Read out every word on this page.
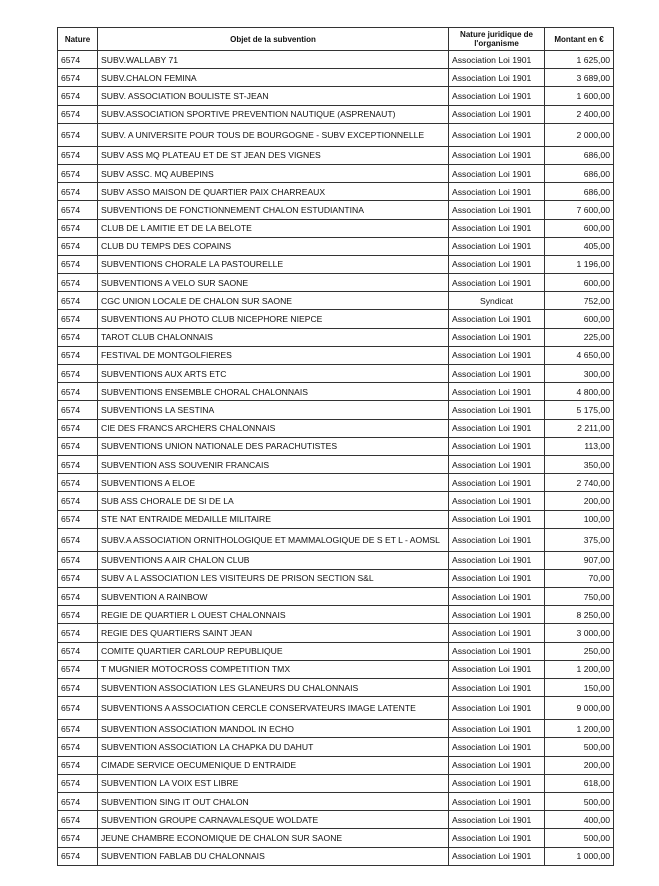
Nature	Objet de la subvention	Nature juridique de l'organisme	Montant en €
6574	SUBV.WALLABY 71	Association Loi 1901	1 625,00
6574	SUBV.CHALON FEMINA	Association Loi 1901	3 689,00
6574	SUBV. ASSOCIATION BOULISTE ST-JEAN	Association Loi 1901	1 600,00
6574	SUBV.ASSOCIATION SPORTIVE PREVENTION NAUTIQUE (ASPRENAUT)	Association Loi 1901	2 400,00
6574	SUBV. A UNIVERSITE POUR TOUS DE BOURGOGNE - SUBV EXCEPTIONNELLE	Association Loi 1901	2 000,00
6574	SUBV ASS MQ PLATEAU ET DE ST JEAN DES VIGNES	Association Loi 1901	686,00
6574	SUBV ASSC. MQ AUBEPINS	Association Loi 1901	686,00
6574	SUBV ASSO MAISON DE QUARTIER PAIX CHARREAUX	Association Loi 1901	686,00
6574	SUBVENTIONS DE FONCTIONNEMENT CHALON ESTUDIANTINA	Association Loi 1901	7 600,00
6574	CLUB DE L AMITIE ET DE LA BELOTE	Association Loi 1901	600,00
6574	CLUB DU TEMPS DES COPAINS	Association Loi 1901	405,00
6574	SUBVENTIONS CHORALE LA PASTOURELLE	Association Loi 1901	1 196,00
6574	SUBVENTIONS A VELO SUR SAONE	Association Loi 1901	600,00
6574	CGC UNION LOCALE DE CHALON SUR SAONE	Syndicat	752,00
6574	SUBVENTIONS AU PHOTO CLUB NICEPHORE NIEPCE	Association Loi 1901	600,00
6574	TAROT CLUB CHALONNAIS	Association Loi 1901	225,00
6574	FESTIVAL DE MONTGOLFIERES	Association Loi 1901	4 650,00
6574	SUBVENTIONS AUX ARTS ETC	Association Loi 1901	300,00
6574	SUBVENTIONS ENSEMBLE CHORAL CHALONNAIS	Association Loi 1901	4 800,00
6574	SUBVENTIONS LA SESTINA	Association Loi 1901	5 175,00
6574	CIE DES FRANCS ARCHERS CHALONNAIS	Association Loi 1901	2 211,00
6574	SUBVENTIONS UNION NATIONALE DES PARACHUTISTES	Association Loi 1901	113,00
6574	SUBVENTION ASS SOUVENIR FRANCAIS	Association Loi 1901	350,00
6574	SUBVENTIONS A ELOE	Association Loi 1901	2 740,00
6574	SUB ASS CHORALE DE SI DE LA	Association Loi 1901	200,00
6574	STE NAT ENTRAIDE MEDAILLE MILITAIRE	Association Loi 1901	100,00
6574	SUBV.A ASSOCIATION ORNITHOLOGIQUE ET MAMMALOGIQUE DE S ET L - AOMSL	Association Loi 1901	375,00
6574	SUBVENTIONS A AIR CHALON CLUB	Association Loi 1901	907,00
6574	SUBV A L ASSOCIATION LES VISITEURS DE PRISON SECTION S&L	Association Loi 1901	70,00
6574	SUBVENTION A RAINBOW	Association Loi 1901	750,00
6574	REGIE DE QUARTIER L OUEST CHALONNAIS	Association Loi 1901	8 250,00
6574	REGIE DES QUARTIERS SAINT JEAN	Association Loi 1901	3 000,00
6574	COMITE QUARTIER CARLOUP REPUBLIQUE	Association Loi 1901	250,00
6574	T MUGNIER MOTOCROSS COMPETITION TMX	Association Loi 1901	1 200,00
6574	SUBVENTION ASSOCIATION LES GLANEURS DU CHALONNAIS	Association Loi 1901	150,00
6574	SUBVENTIONS A ASSOCIATION CERCLE CONSERVATEURS IMAGE LATENTE	Association Loi 1901	9 000,00
6574	SUBVENTION ASSOCIATION MANDOL IN ECHO	Association Loi 1901	1 200,00
6574	SUBVENTION ASSOCIATION LA CHAPKA DU DAHUT	Association Loi 1901	500,00
6574	CIMADE SERVICE OECUMENIQUE D ENTRAIDE	Association Loi 1901	200,00
6574	SUBVENTION LA VOIX EST LIBRE	Association Loi 1901	618,00
6574	SUBVENTION SING IT OUT CHALON	Association Loi 1901	500,00
6574	SUBVENTION GROUPE CARNAVALESQUE WOLDATE	Association Loi 1901	400,00
6574	JEUNE CHAMBRE ECONOMIQUE DE CHALON SUR SAONE	Association Loi 1901	500,00
6574	SUBVENTION FABLAB DU CHALONNAIS	Association Loi 1901	1 000,00
